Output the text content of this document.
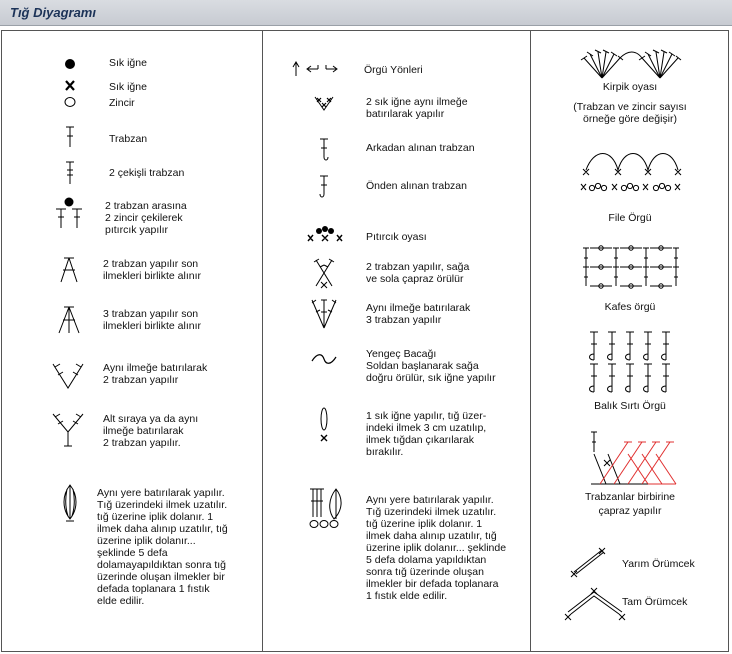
Tığ Diyagramı
Sık iğne
Sık iğne
Zincir
Trabzan
2 çekişli trabzan
2 trabzan arasına
2 zincir çekilerek
pıtırcık yapılır
2 trabzan yapılır son
ilmekleri birlikte alınır
3 trabzan yapılır son
ilmekleri birlikte alınır
Aynı ilmeğe batırılarak
2 trabzan yapılır
Alt sıraya ya da aynı
ilmeğe batırılarak
2 trabzan yapılır.
Aynı yere batırılarak yapılır.
Tığ üzerindeki ilmek uzatılır.
tığ üzerine iplik dolanır. 1
ilmek daha alınıp uzatılır, tığ
üzerine iplik dolanır...
şeklinde 5 defa
dolamayapıldıktan sonra tığ
üzerinde oluşan ilmekler bir
defada toplanara 1 fıstık
elde edilir.
Örgü Yönleri
2 sık iğne aynı ilmeğe
batırılarak yapılır
Arkadan alınan trabzan
Önden alınan trabzan
Pıtırcık oyası
2 trabzan yapılır, sağa
ve sola çapraz örülür
Aynı ilmeğe batırılarak
3 trabzan yapılır
Yengeç Bacağı
Soldan başlanarak sağa
doğru örülür, sık iğne yapılır
1 sık iğne yapılır, tığ üzer-
indeki ilmek 3 cm uzatılıp,
ilmek tığdan çıkarılarak
bırakılır.
Aynı yere batırılarak yapılır.
Tığ üzerindeki ilmek uzatılır.
tığ üzerine iplik dolanır. 1
ilmek daha alınıp uzatılır, tığ
üzerine iplik dolanır... şeklinde
5 defa dolama yapıldıktan
sonra tığ üzerinde oluşan
ilmekler bir defada toplanara
1 fıstık elde edilir.
Kirpik oyası
(Trabzan ve zincir sayısı
örneğe göre değişir)
File Örgü
Kafes örgü
Balık Sırtı Örgü
Trabzanlar birbirine
çapraz yapılır
Yarım Örümcek
Tam Örümcek
